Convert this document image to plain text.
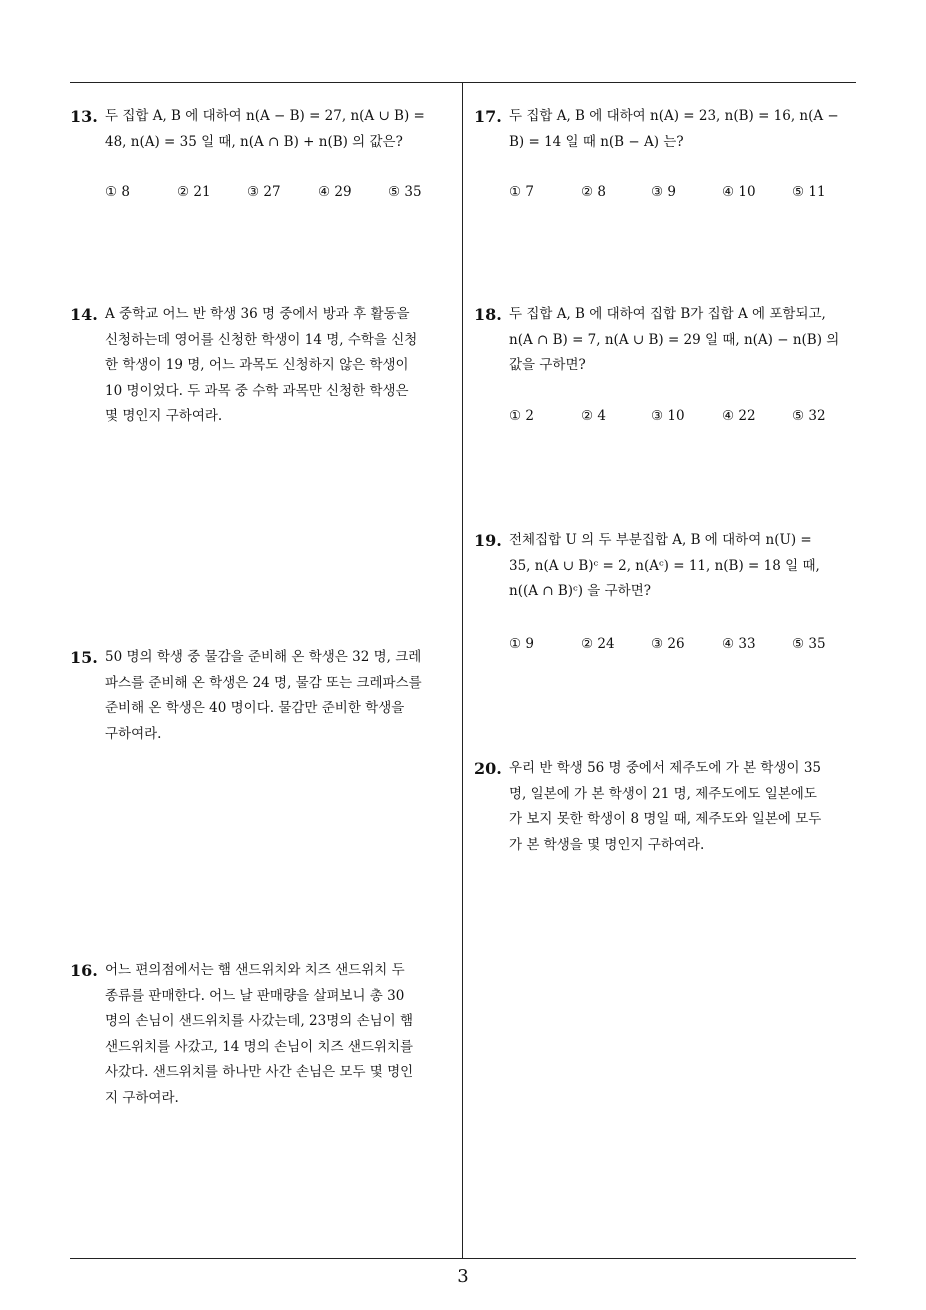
13. 두 집합 A, B 에 대하여 n(A − B) = 27, n(A ∪ B) =
48, n(A) = 35 일 때, n(A ∩ B) + n(B) 의 값은?
① 8	② 21	③ 27	④ 29	⑤ 35
14. A 중학교 어느 반 학생 36 명 중에서 방과 후 활동을
신청하는데 영어를 신청한 학생이 14 명, 수학을 신청
한 학생이 19 명, 어느 과목도 신청하지 않은 학생이
10 명이었다. 두 과목 중 수학 과목만 신청한 학생은
몇 명인지 구하여라.
15. 50 명의 학생 중 물감을 준비해 온 학생은 32 명, 크레
파스를 준비해 온 학생은 24 명, 물감 또는 크레파스를
준비해 온 학생은 40 명이다. 물감만 준비한 학생을
구하여라.
16. 어느 편의점에서는 햄 샌드위치와 치즈 샌드위치 두
종류를 판매한다. 어느 날 판매량을 살펴보니 총 30
명의 손님이 샌드위치를 사갔는데, 23명의 손님이 햄
샌드위치를 사갔고, 14 명의 손님이 치즈 샌드위치를
사갔다. 샌드위치를 하나만 사간 손님은 모두 몇 명인
지 구하여라.
17. 두 집합 A, B 에 대하여 n(A) = 23, n(B) = 16, n(A −
B) = 14 일 때 n(B − A) 는?
① 7	② 8	③ 9	④ 10	⑤ 11
18. 두 집합 A, B 에 대하여 집합 B가 집합 A 에 포함되고,
n(A ∩ B) = 7, n(A ∪ B) = 29 일 때, n(A) − n(B) 의
값을 구하면?
① 2	② 4	③ 10	④ 22	⑤ 32
19. 전체집합 U 의 두 부분집합 A, B 에 대하여 n(U) =
35, n(A ∪ B)ᶜ = 2, n(Aᶜ) = 11, n(B) = 18 일 때,
n((A ∩ B)ᶜ) 을 구하면?
① 9	② 24	③ 26	④ 33	⑤ 35
20. 우리 반 학생 56 명 중에서 제주도에 가 본 학생이 35
명, 일본에 가 본 학생이 21 명, 제주도에도 일본에도
가 보지 못한 학생이 8 명일 때, 제주도와 일본에 모두
가 본 학생을 몇 명인지 구하여라.
3
